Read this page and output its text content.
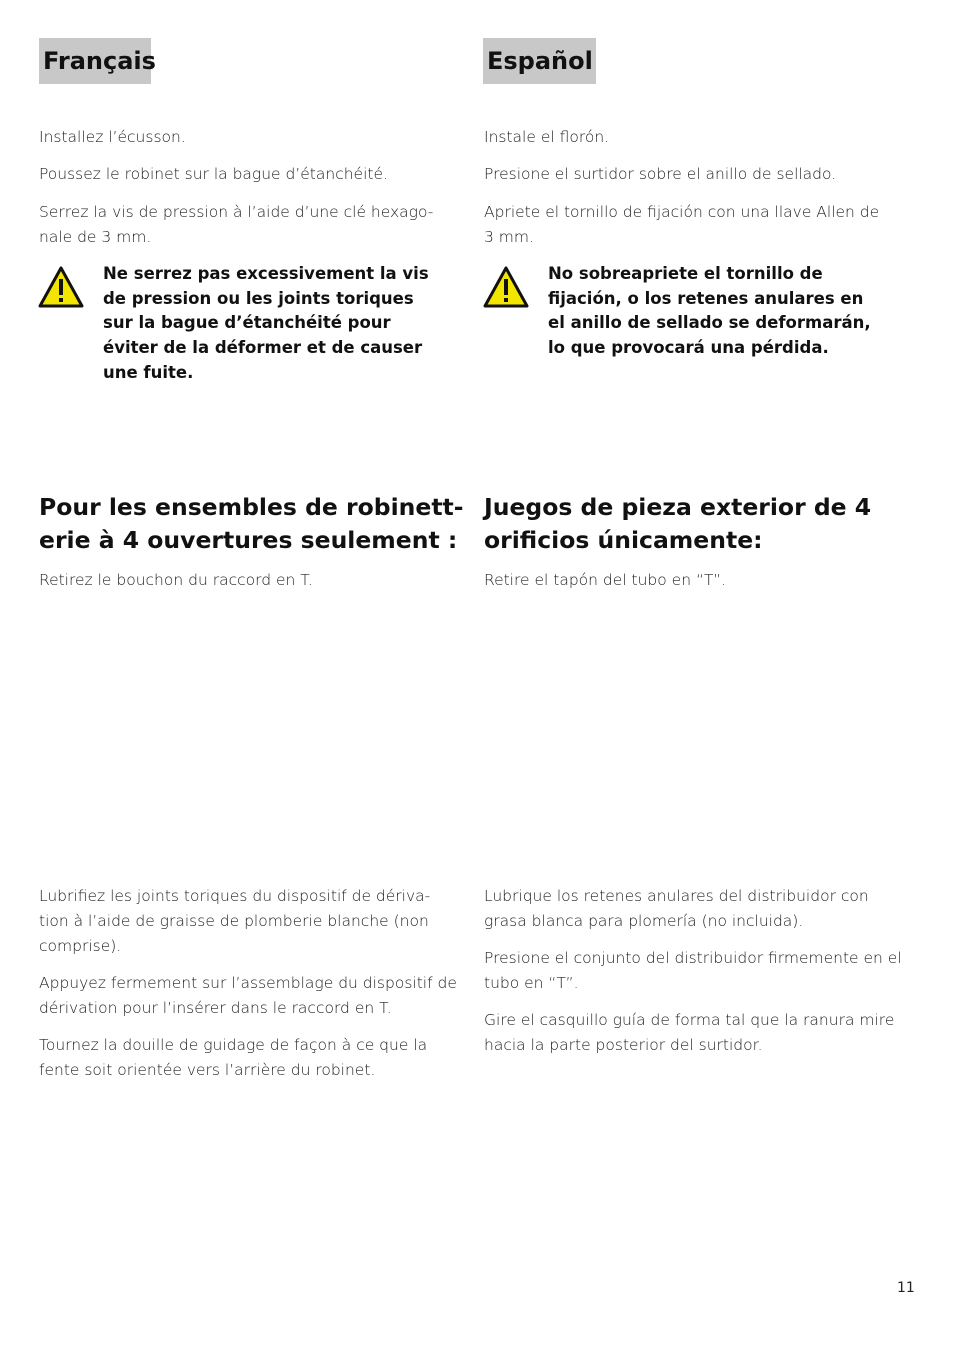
Français
Installez l’écusson.
Poussez le robinet sur la bague d’étanchéité.
Serrez la vis de pression à l’aide d’une clé hexago-
nale de 3 mm.
Ne serrez pas excessivement la vis
de pression ou les joints toriques
sur la bague d’étanchéité pour
éviter de la déformer et de causer
une fuite.
Pour les ensembles de robinett-
erie à 4 ouvertures seulement :
Retirez le bouchon du raccord en T.
Lubrifiez les joints toriques du dispositif de dériva-
tion à l’aide de graisse de plomberie blanche (non
comprise).
Appuyez fermement sur l’assemblage du dispositif de
dérivation pour l’insérer dans le raccord en T.
Tournez la douille de guidage de façon à ce que la
fente soit orientée vers l’arrière du robinet.
Español
Instale el florón.
Presione el surtidor sobre el anillo de sellado.
Apriete el tornillo de fijación con una llave Allen de
3 mm.
No sobreapriete el tornillo de
fijación, o los retenes anulares en
el anillo de sellado se deformarán,
lo que provocará una pérdida.
Juegos de pieza exterior de 4
orificios únicamente:
Retire el tapón del tubo en “T”.
Lubrique los retenes anulares del distribuidor con
grasa blanca para plomería (no incluida).
Presione el conjunto del distribuidor firmemente en el
tubo en “T”.
Gire el casquillo guía de forma tal que la ranura mire
hacia la parte posterior del surtidor.
11
